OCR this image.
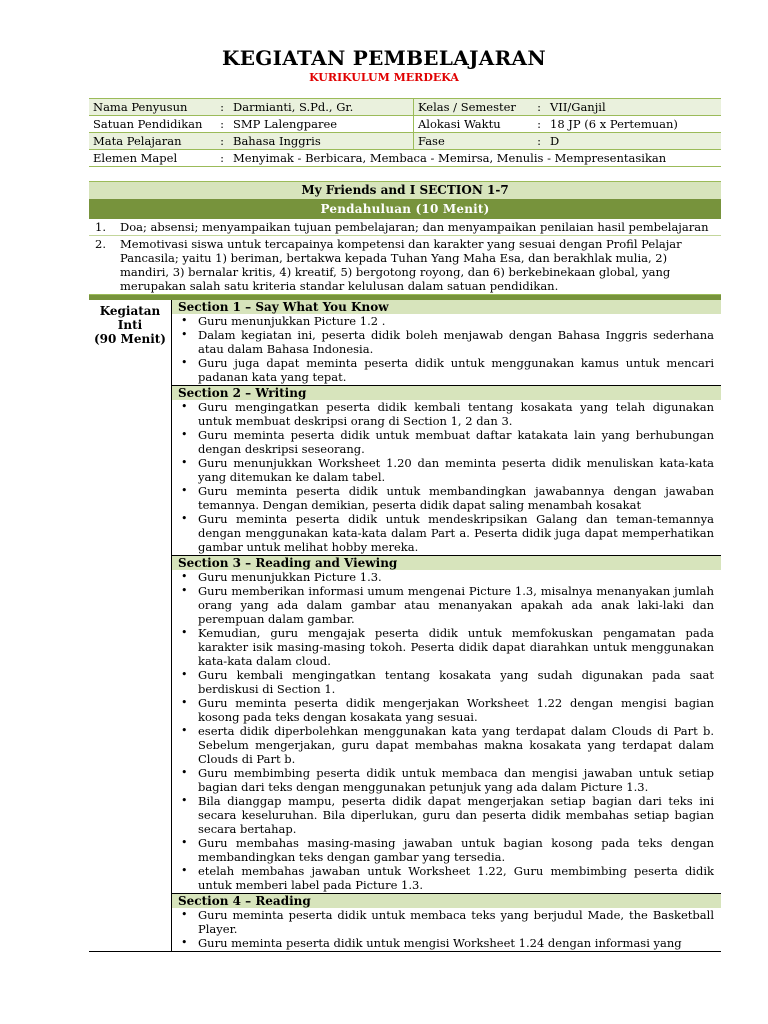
KEGIATAN PEMBELAJARAN
KURIKULUM MERDEKA
Nama Penyusun	:	Darmianti, S.Pd., Gr.	Kelas / Semester	:	VII/Ganjil
Satuan Pendidikan	:	SMP Lalengparee	Alokasi Waktu	:	18 JP (6 x Pertemuan)
Mata Pelajaran	:	Bahasa Inggris	Fase	:	D
Elemen Mapel	:	Menyimak - Berbicara, Membaca - Memirsa, Menulis - Mempresentasikan			
My Friends and I SECTION 1-7
Pendahuluan (10 Menit)
1.	Doa; absensi; menyampaikan tujuan pembelajaran; dan menyampaikan penilaian hasil pembelajaran
2.	Memotivasi siswa untuk tercapainya kompetensi dan karakter yang sesuai dengan Profil Pelajar Pancasila; yaitu 1) beriman, bertakwa kepada Tuhan Yang Maha Esa, dan berakhlak mulia, 2) mandiri, 3) bernalar kritis, 4) kreatif, 5) bergotong royong, dan 6) berkebinekaan global, yang merupakan salah satu kriteria standar kelulusan dalam satuan pendidikan.
Kegiatan
Inti
(90 Menit)
Section 1 – Say What You Know
• Guru menunjukkan Picture 1.2 .
• Dalam kegiatan ini, peserta didik boleh menjawab dengan Bahasa Inggris sederhana atau dalam Bahasa Indonesia.
• Guru juga dapat meminta peserta didik untuk menggunakan kamus untuk mencari padanan kata yang tepat.
Section 2 – Writing
• Guru mengingatkan peserta didik kembali tentang kosakata yang telah digunakan untuk membuat deskripsi orang di Section 1, 2 dan 3.
• Guru meminta peserta didik untuk membuat daftar katakata lain yang berhubungan dengan deskripsi seseorang.
• Guru menunjukkan Worksheet 1.20 dan meminta peserta didik menuliskan kata-kata yang ditemukan ke dalam tabel.
• Guru meminta peserta didik untuk membandingkan jawabannya dengan jawaban temannya. Dengan demikian, peserta didik dapat saling menambah kosakat
• Guru meminta peserta didik untuk mendeskripsikan Galang dan teman-temannya dengan menggunakan kata-kata dalam Part a. Peserta didik juga dapat memperhatikan gambar untuk melihat hobby mereka.
Section 3 – Reading and Viewing
• Guru menunjukkan Picture 1.3.
• Guru memberikan informasi umum mengenai Picture 1.3, misalnya menanyakan jumlah orang yang ada dalam gambar atau menanyakan apakah ada anak laki-laki dan perempuan dalam gambar.
• Kemudian, guru mengajak peserta didik untuk memfokuskan pengamatan pada karakter isik masing-masing tokoh. Peserta didik dapat diarahkan untuk menggunakan kata-kata dalam cloud.
• Guru kembali mengingatkan tentang kosakata yang sudah digunakan pada saat berdiskusi di Section 1.
• Guru meminta peserta didik mengerjakan Worksheet 1.22 dengan mengisi bagian kosong pada teks dengan kosakata yang sesuai.
• eserta didik diperbolehkan menggunakan kata yang terdapat dalam Clouds di Part b. Sebelum mengerjakan, guru dapat membahas makna kosakata yang terdapat dalam Clouds di Part b.
• Guru membimbing peserta didik untuk membaca dan mengisi jawaban untuk setiap bagian dari teks dengan menggunakan petunjuk yang ada dalam Picture 1.3.
• Bila dianggap mampu, peserta didik dapat mengerjakan setiap bagian dari teks ini secara keseluruhan. Bila diperlukan, guru dan peserta didik membahas setiap bagian secara bertahap.
• Guru membahas masing-masing jawaban untuk bagian kosong pada teks dengan membandingkan teks dengan gambar yang tersedia.
• etelah membahas jawaban untuk Worksheet 1.22, Guru membimbing peserta didik untuk memberi label pada Picture 1.3.
Section 4 – Reading
• Guru meminta peserta didik untuk membaca teks yang berjudul Made, the Basketball Player.
• Guru meminta peserta didik untuk mengisi Worksheet 1.24 dengan informasi yang
